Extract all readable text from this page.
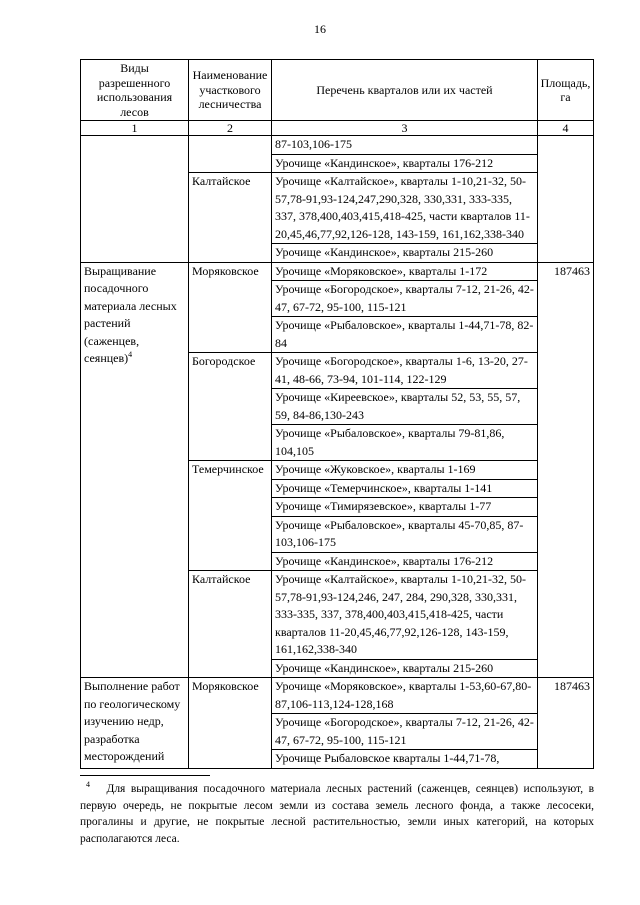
16
Виды разрешенного использования лесов	Наименование участкового лесничества	Перечень кварталов или их частей	Площадь, га
1	2	3	4
		87-103,106-175	
		Урочище «Кандинское», кварталы 176-212	
	Калтайское	Урочище «Калтайское», кварталы 1-10,21-32, 50-57,78-91,93-124,247,290,328, 330,331, 333-335, 337, 378,400,403,415,418-425, части кварталов 11-20,45,46,77,92,126-128, 143-159, 161,162,338-340	
		Урочище «Кандинское», кварталы 215-260	
Выращивание посадочного материала лесных растений (саженцев, сеянцев)$^4$	Моряковское	Урочище «Моряковское», кварталы 1-172	187463
		Урочище «Богородское», кварталы 7-12, 21-26, 42-47, 67-72, 95-100, 115-121	
		Урочище «Рыбаловское», кварталы 1-44,71-78, 82-84	
	Богородское	Урочище «Богородское», кварталы 1-6, 13-20, 27-41, 48-66, 73-94, 101-114, 122-129	
		Урочище «Киреевское», кварталы 52, 53, 55, 57, 59, 84-86,130-243	
		Урочище «Рыбаловское», кварталы 79-81,86, 104,105	
	Темерчинское	Урочище «Жуковское», кварталы 1-169	
		Урочище «Темерчинское», кварталы 1-141	
		Урочище «Тимирязевское», кварталы 1-77	
		Урочище «Рыбаловское», кварталы 45-70,85, 87-103,106-175	
		Урочище «Кандинское», кварталы 176-212	
	Калтайское	Урочище «Калтайское», кварталы 1-10,21-32, 50-57,78-91,93-124,246, 247, 284, 290,328, 330,331, 333-335, 337, 378,400,403,415,418-425, части кварталов 11-20,45,46,77,92,126-128, 143-159, 161,162,338-340	
		Урочище «Кандинское», кварталы 215-260	
Выполнение работ по геологическому изучению недр, разработка месторождений	Моряковское	Урочище «Моряковское», кварталы 1-53,60-67,80-87,106-113,124-128,168	187463
		Урочище «Богородское», кварталы 7-12, 21-26, 42-47, 67-72, 95-100, 115-121	
		Урочище Рыбаловское кварталы 1-44,71-78,	
$^4$ Для выращивания посадочного материала лесных растений (саженцев, сеянцев) используют, в первую очередь, не покрытые лесом земли из состава земель лесного фонда, а также лесосеки, прогалины и другие, не покрытые лесной растительностью, земли иных категорий, на которых располагаются леса.
